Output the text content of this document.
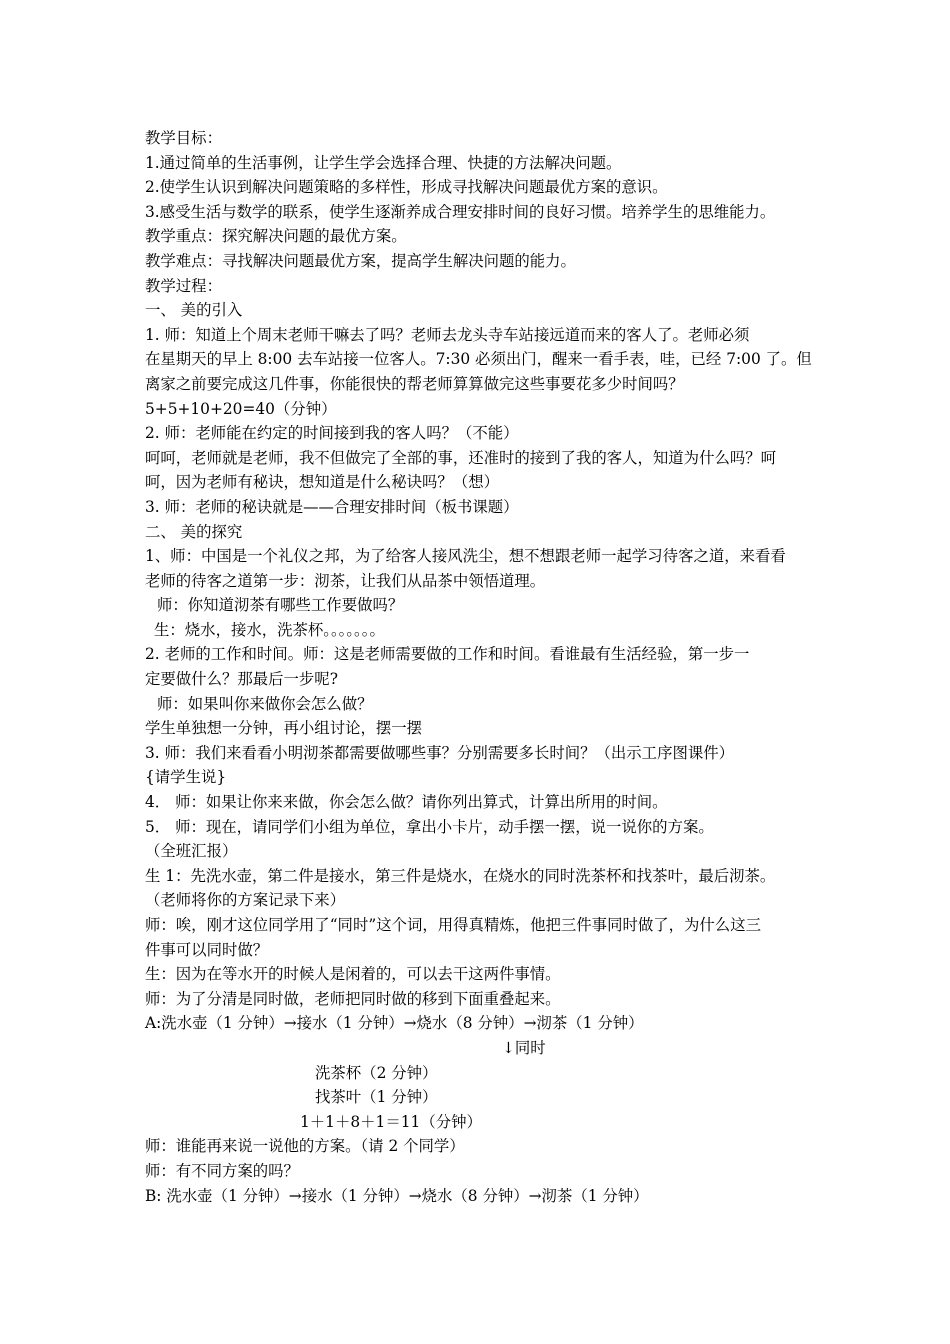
教学目标：
1.通过简单的生活事例，让学生学会选择合理、快捷的方法解决问题。
2.使学生认识到解决问题策略的多样性，形成寻找解决问题最优方案的意识。
3.感受生活与数学的联系，使学生逐渐养成合理安排时间的良好习惯。培养学生的思维能力。
教学重点：探究解决问题的最优方案。
教学难点：寻找解决问题最优方案，提高学生解决问题的能力。
教学过程：
一、 美的引入
1. 师：知道上个周末老师干嘛去了吗？老师去龙头寺车站接远道而来的客人了。老师必须
在星期天的早上 8:00 去车站接一位客人。7:30 必须出门，醒来一看手表，哇，已经 7:00 了。但
离家之前要完成这几件事，你能很快的帮老师算算做完这些事要花多少时间吗？
5+5+10+20=40（分钟）
2. 师：老师能在约定的时间接到我的客人吗？（不能）
呵呵，老师就是老师，我不但做完了全部的事，还准时的接到了我的客人，知道为什么吗？呵
呵，因为老师有秘诀，想知道是什么秘诀吗？（想）
3. 师：老师的秘诀就是——合理安排时间（板书课题）
二、 美的探究
1、师：中国是一个礼仪之邦，为了给客人接风洗尘，想不想跟老师一起学习待客之道，来看看
老师的待客之道第一步：沏茶，让我们从品茶中领悟道理。
师：你知道沏茶有哪些工作要做吗？
生：烧水，接水，洗茶杯。。。。。。。
2. 老师的工作和时间。师：这是老师需要做的工作和时间。看谁最有生活经验，第一步一
定要做什么？那最后一步呢?
师：如果叫你来做你会怎么做？
学生单独想一分钟，再小组讨论，摆一摆
3. 师：我们来看看小明沏茶都需要做哪些事？分别需要多长时间？（出示工序图课件）
{请学生说}
4． 师：如果让你来来做，你会怎么做？请你列出算式，计算出所用的时间。
5． 师：现在，请同学们小组为单位，拿出小卡片，动手摆一摆，说一说你的方案。
（全班汇报）
生 1：先洗水壶，第二件是接水，第三件是烧水，在烧水的同时洗茶杯和找茶叶，最后沏茶。
（老师将你的方案记录下来）
师：唉，刚才这位同学用了“同时”这个词，用得真精炼，他把三件事同时做了，为什么这三
件事可以同时做？
生：因为在等水开的时候人是闲着的，可以去干这两件事情。
师：为了分清是同时做，老师把同时做的移到下面重叠起来。
A:洗水壶（1 分钟）→接水（1 分钟）→烧水（8 分钟）→沏茶（1 分钟）
↓同时
洗茶杯（2 分钟）
找茶叶（1 分钟）
1＋1＋8＋1＝11（分钟）
师：谁能再来说一说他的方案。（请 2 个同学）
师：有不同方案的吗？
B: 洗水壶（1 分钟）→接水（1 分钟）→烧水（8 分钟）→沏茶（1 分钟）
